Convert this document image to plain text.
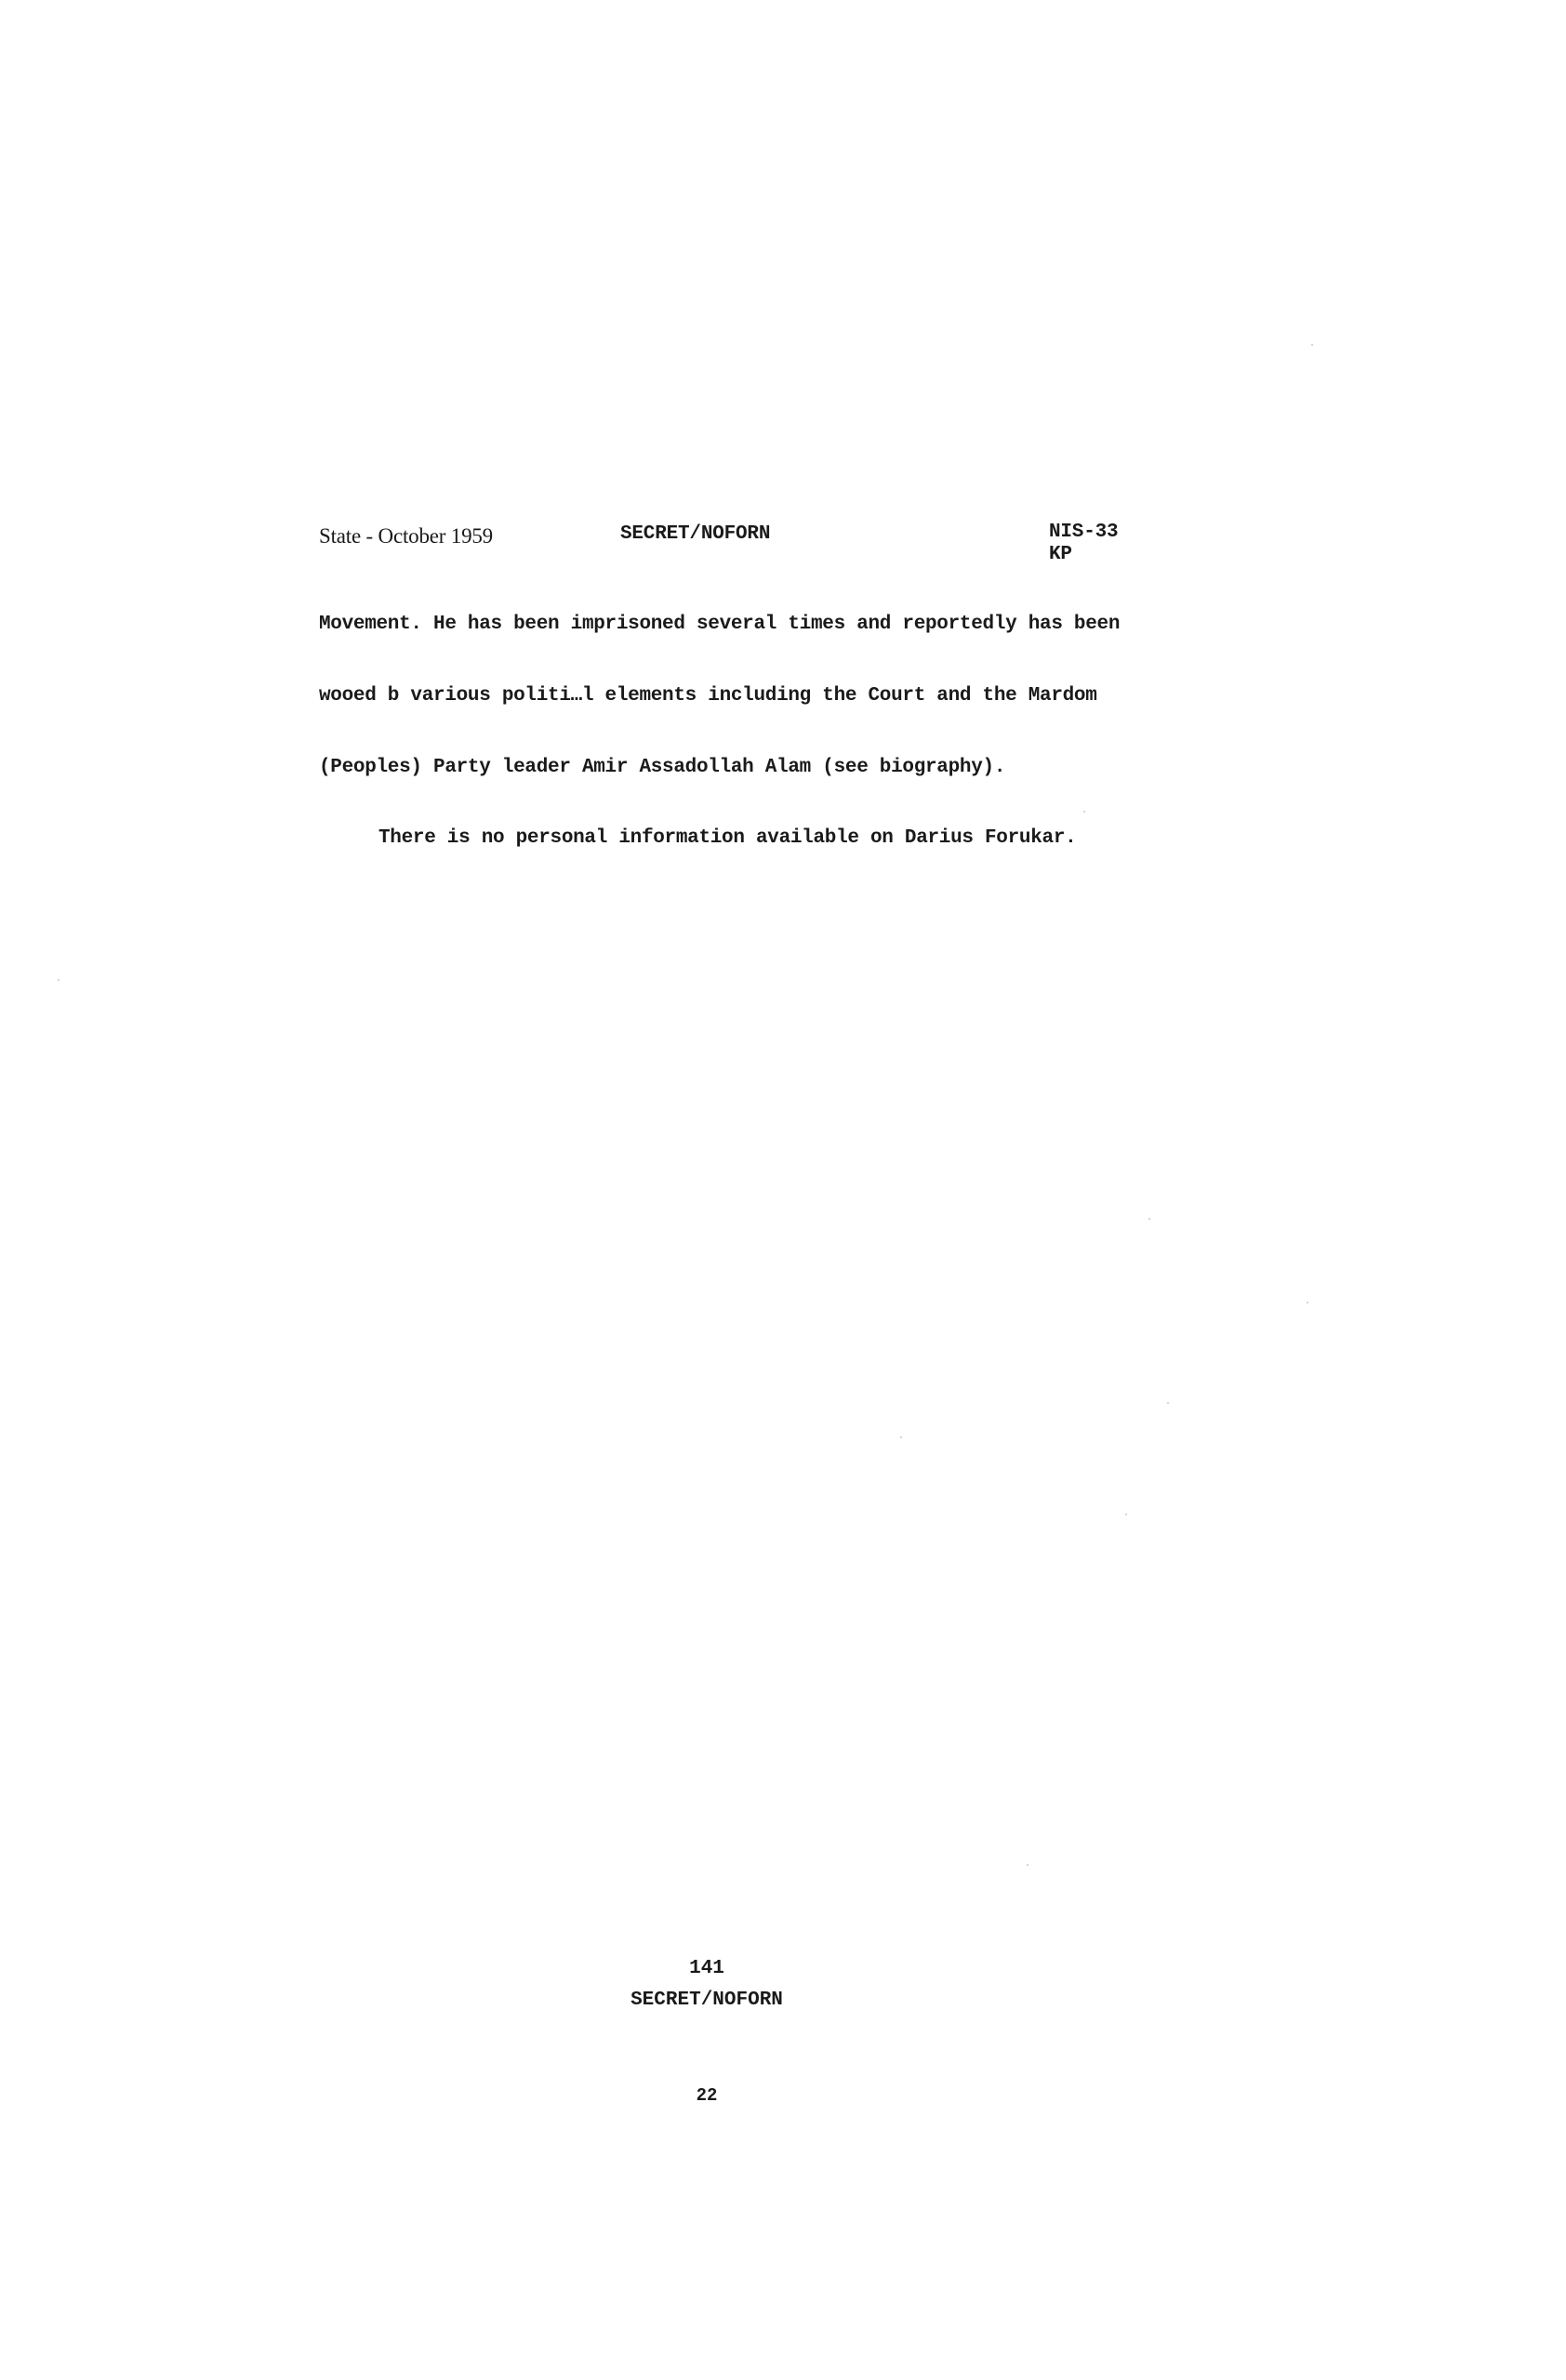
State - October 1959	SECRET/NOFORN	NIS-33
KP
Movement. He has been imprisoned several times and reportedly has been
wooed b various politi…l elements including the Court and the Mardom
(Peoples) Party leader Amir Assadollah Alam (see biography).
There is no personal information available on Darius Forukar.
141
SECRET/NOFORN
22
